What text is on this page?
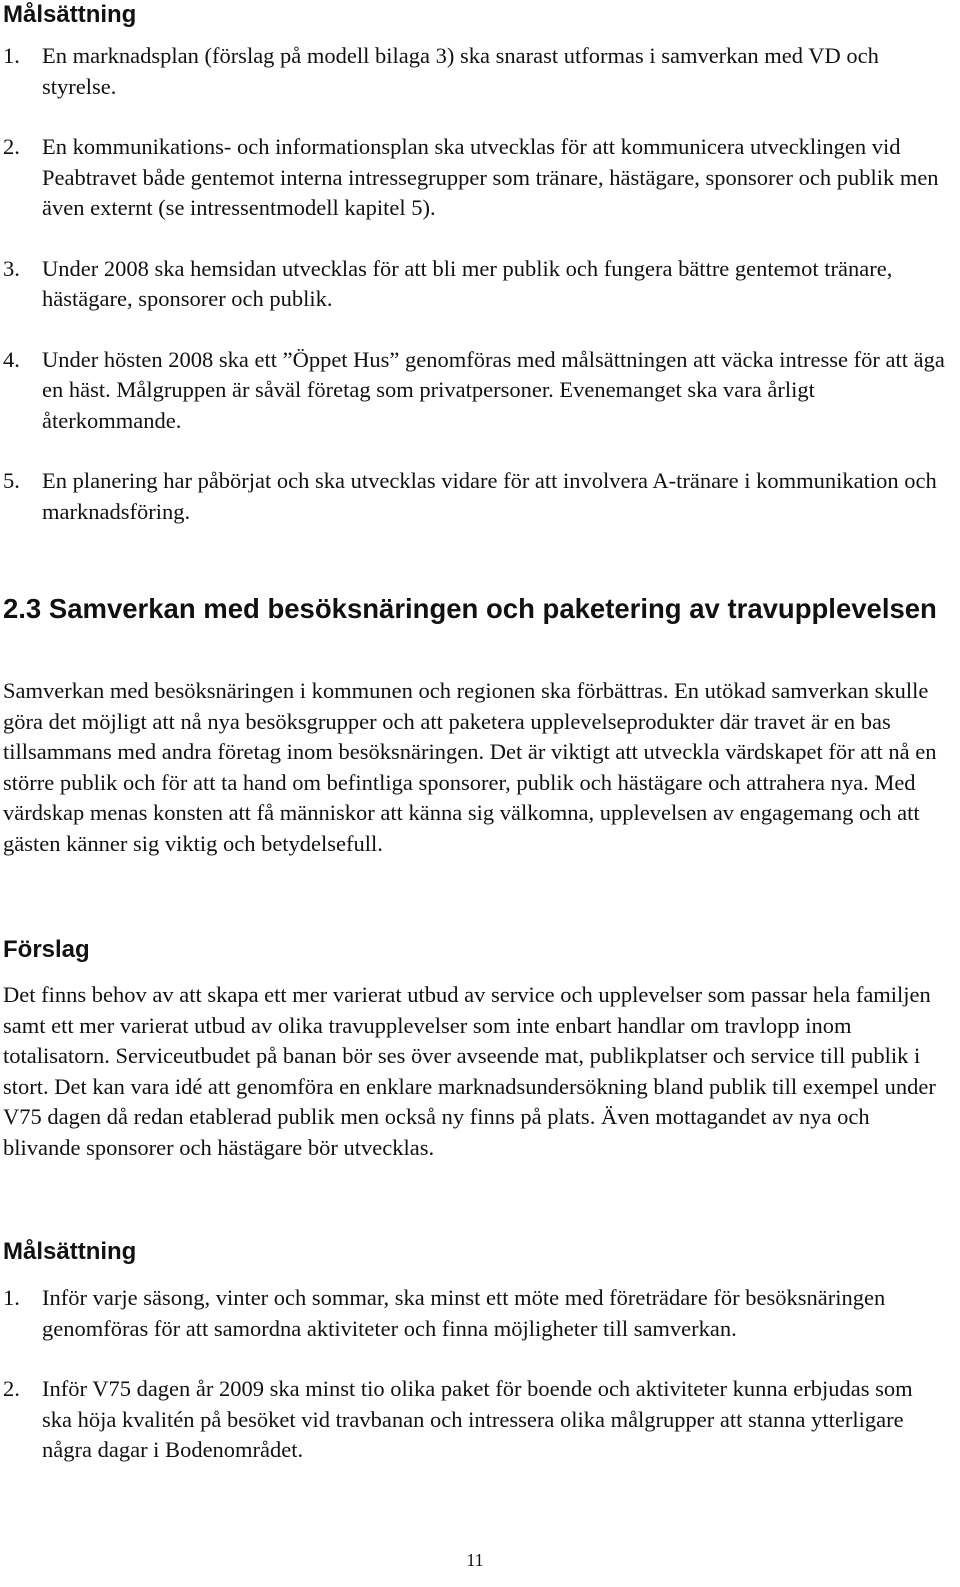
Målsättning
1. En marknadsplan (förslag på modell bilaga 3) ska snarast utformas i samverkan med VD och styrelse.
2. En kommunikations- och informationsplan ska utvecklas för att kommunicera utvecklingen vid Peabtravet både gentemot interna intressegrupper som tränare, hästägare, sponsorer och publik men även externt (se intressentmodell kapitel 5).
3. Under 2008 ska hemsidan utvecklas för att bli mer publik och fungera bättre gentemot tränare, hästägare, sponsorer och publik.
4. Under hösten 2008 ska ett ”Öppet Hus” genomföras med målsättningen att väcka intresse för att äga en häst. Målgruppen är såväl företag som privatpersoner. Evenemanget ska vara årligt återkommande.
5. En planering har påbörjat och ska utvecklas vidare för att involvera A-tränare i kommunikation och marknadsföring.
2.3 Samverkan med besöksnäringen och paketering av travupplevelsen

Samverkan med besöksnäringen i kommunen och regionen ska förbättras. En utökad samverkan skulle göra det möjligt att nå nya besöksgrupper och att paketera upplevelseprodukter där travet är en bas tillsammans med andra företag inom besöksnäringen. Det är viktigt att utveckla värdskapet för att nå en större publik och för att ta hand om befintliga sponsorer, publik och hästägare och attrahera nya. Med värdskap menas konsten att få människor att känna sig välkomna, upplevelsen av engagemang och att gästen känner sig viktig och betydelsefull.

Förslag

Det finns behov av att skapa ett mer varierat utbud av service och upplevelser som passar hela familjen samt ett mer varierat utbud av olika travupplevelser som inte enbart handlar om travlopp inom totalisatorn. Serviceutbudet på banan bör ses över avseende mat, publikplatser och service till publik i stort. Det kan vara idé att genomföra en enklare marknadsundersökning bland publik till exempel under V75 dagen då redan etablerad publik men också ny finns på plats. Även mottagandet av nya och blivande sponsorer och hästägare bör utvecklas.

Målsättning
1. Inför varje säsong, vinter och sommar, ska minst ett möte med företrädare för besöksnäringen genomföras för att samordna aktiviteter och finna möjligheter till samverkan.
2. Inför V75 dagen år 2009 ska minst tio olika paket för boende och aktiviteter kunna erbjudas som ska höja kvalitén på besöket vid travbanan och intressera olika målgrupper att stanna ytterligare några dagar i Bodenområdet.
11
